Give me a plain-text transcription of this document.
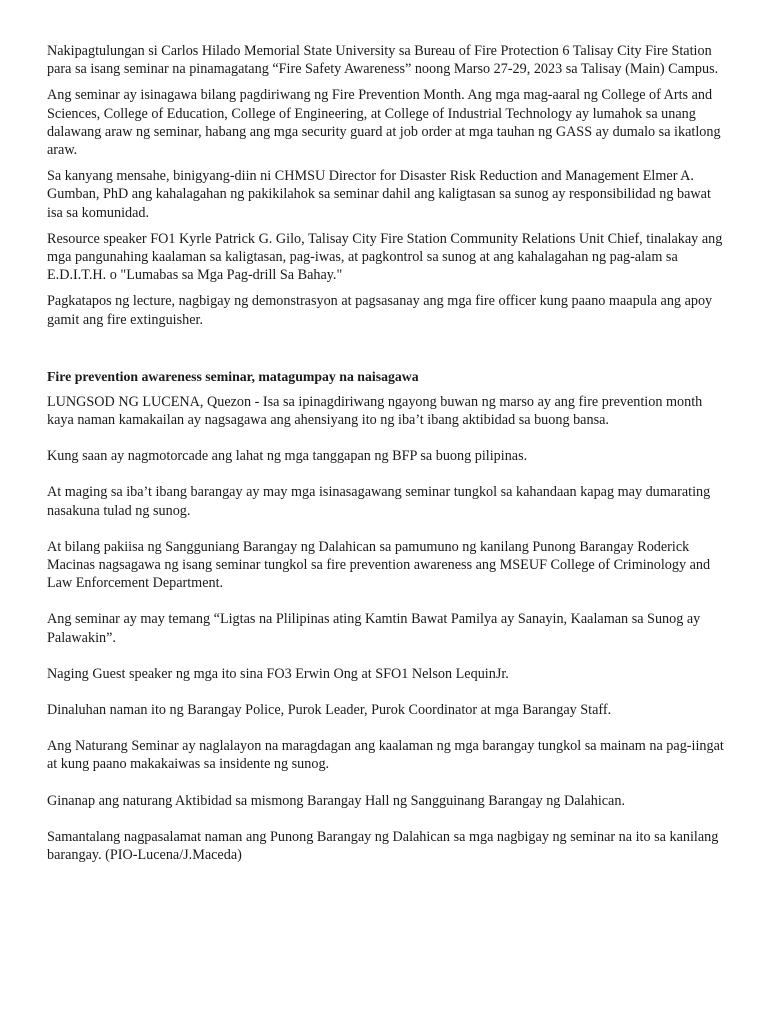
Nakipagtulungan si Carlos Hilado Memorial State University sa Bureau of Fire Protection 6 Talisay City Fire Station para sa isang seminar na pinamagatang “Fire Safety Awareness” noong Marso 27-29, 2023 sa Talisay (Main) Campus.

Ang seminar ay isinagawa bilang pagdiriwang ng Fire Prevention Month. Ang mga mag-aaral ng College of Arts and Sciences, College of Education, College of Engineering, at College of Industrial Technology ay lumahok sa unang dalawang araw ng seminar, habang ang mga security guard at job order at mga tauhan ng GASS ay dumalo sa ikatlong araw.

Sa kanyang mensahe, binigyang-diin ni CHMSU Director for Disaster Risk Reduction and Management Elmer A. Gumban, PhD ang kahalagahan ng pakikilahok sa seminar dahil ang kaligtasan sa sunog ay responsibilidad ng bawat isa sa komunidad.

Resource speaker FO1 Kyrle Patrick G. Gilo, Talisay City Fire Station Community Relations Unit Chief, tinalakay ang mga pangunahing kaalaman sa kaligtasan, pag-iwas, at pagkontrol sa sunog at ang kahalagahan ng pag-alam sa E.D.I.T.H. o "Lumabas sa Mga Pag-drill Sa Bahay."

Pagkatapos ng lecture, nagbigay ng demonstrasyon at pagsasanay ang mga fire officer kung paano maapula ang apoy gamit ang fire extinguisher.

Fire prevention awareness seminar, matagumpay na naisagawa

LUNGSOD NG LUCENA, Quezon - Isa sa ipinagdiriwang ngayong buwan ng marso ay ang fire prevention month kaya naman kamakailan ay nagsagawa ang ahensiyang ito ng iba’t ibang aktibidad sa buong bansa.

Kung saan ay nagmotorcade ang lahat ng mga tanggapan ng BFP sa buong pilipinas.

At maging sa iba’t ibang barangay ay may mga isinasagawang seminar tungkol sa kahandaan kapag may dumarating nasakuna tulad ng sunog.

At bilang pakiisa ng Sangguniang Barangay ng Dalahican sa pamumuno ng kanilang Punong Barangay Roderick Macinas nagsagawa ng isang seminar tungkol sa fire prevention awareness ang MSEUF College of Criminology and Law Enforcement Department.

Ang seminar ay may temang “Ligtas na Plilipinas ating Kamtin Bawat Pamilya ay Sanayin, Kaalaman sa Sunog ay Palawakin”.

Naging Guest speaker ng mga ito sina FO3 Erwin Ong at SFO1 Nelson LequinJr.

Dinaluhan naman ito ng Barangay Police, Purok Leader, Purok Coordinator at mga Barangay Staff.

Ang Naturang Seminar ay naglalayon na maragdagan ang kaalaman ng mga barangay tungkol sa mainam na pag-iingat at kung paano makakaiwas sa insidente ng sunog.

Ginanap ang naturang Aktibidad sa mismong Barangay Hall ng Sangguinang Barangay ng Dalahican.

Samantalang nagpasalamat naman ang Punong Barangay ng Dalahican sa mga nagbigay ng seminar na ito sa kanilang barangay. (PIO-Lucena/J.Maceda)
